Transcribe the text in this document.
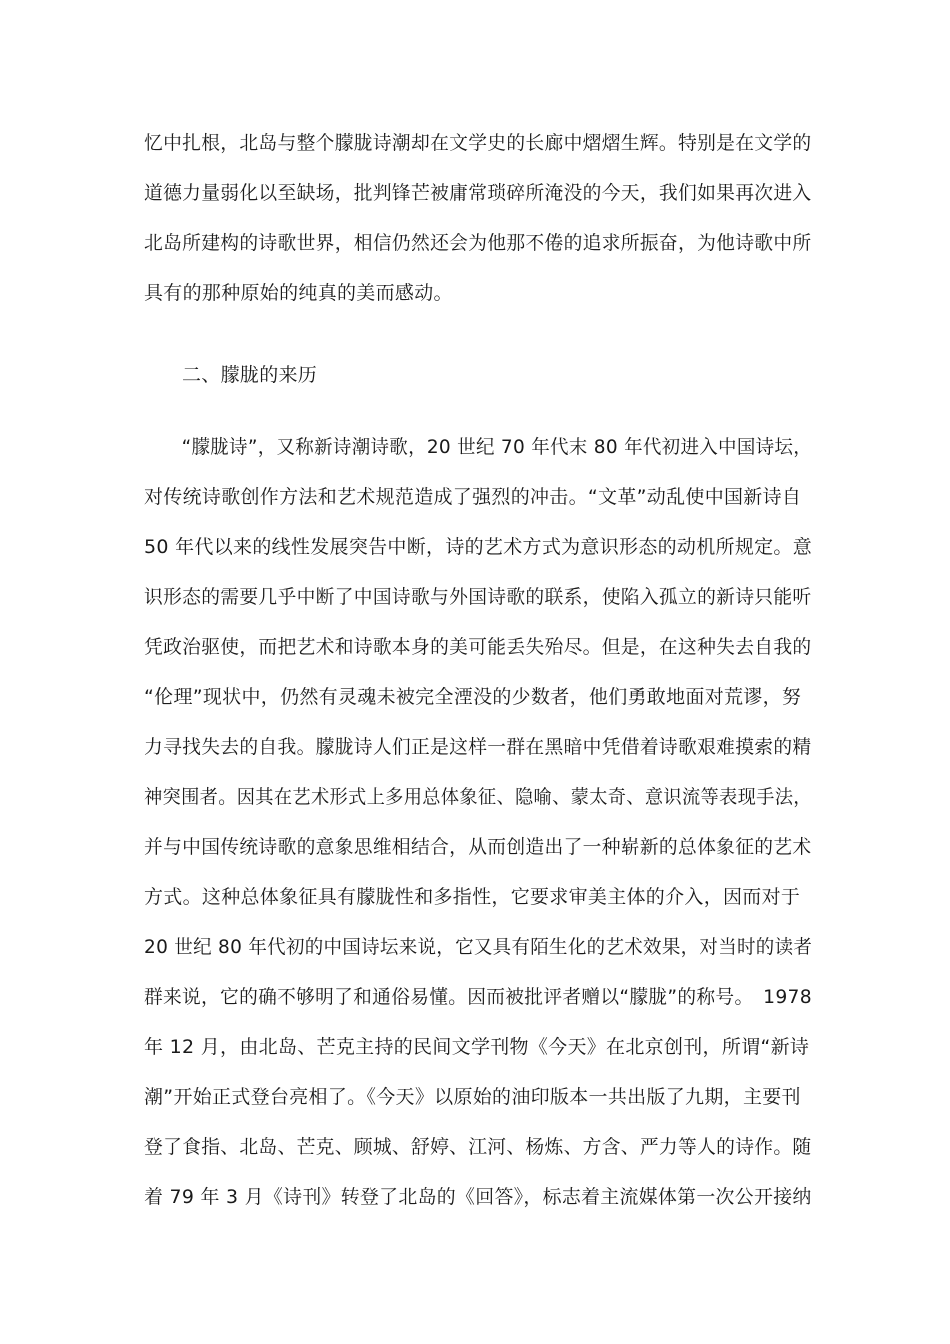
忆中扎根，北岛与整个朦胧诗潮却在文学史的长廊中熠熠生辉。特别是在文学的
道德力量弱化以至缺场，批判锋芒被庸常琐碎所淹没的今天，我们如果再次进入
北岛所建构的诗歌世界，相信仍然还会为他那不倦的追求所振奋，为他诗歌中所
具有的那种原始的纯真的美而感动。
二、朦胧的来历
　　“朦胧诗”，又称新诗潮诗歌，20 世纪 70 年代末 80 年代初进入中国诗坛，
对传统诗歌创作方法和艺术规范造成了强烈的冲击。“文革”动乱使中国新诗自
50 年代以来的线性发展突告中断，诗的艺术方式为意识形态的动机所规定。意
识形态的需要几乎中断了中国诗歌与外国诗歌的联系，使陷入孤立的新诗只能听
凭政治驱使，而把艺术和诗歌本身的美可能丢失殆尽。但是，在这种失去自我的
“伦理”现状中，仍然有灵魂未被完全湮没的少数者，他们勇敢地面对荒谬，努
力寻找失去的自我。朦胧诗人们正是这样一群在黑暗中凭借着诗歌艰难摸索的精
神突围者。因其在艺术形式上多用总体象征、隐喻、蒙太奇、意识流等表现手法，
并与中国传统诗歌的意象思维相结合，从而创造出了一种崭新的总体象征的艺术
方式。这种总体象征具有朦胧性和多指性，它要求审美主体的介入，因而对于
20 世纪 80 年代初的中国诗坛来说，它又具有陌生化的艺术效果，对当时的读者
群来说，它的确不够明了和通俗易懂。因而被批评者赠以“朦胧”的称号。　1978
年 12 月，由北岛、芒克主持的民间文学刊物《今天》在北京创刊，所谓“新诗
潮”开始正式登台亮相了。《今天》以原始的油印版本一共出版了九期，主要刊
登了食指、北岛、芒克、顾城、舒婷、江河、杨炼、方含、严力等人的诗作。随
着 79 年 3 月《诗刊》转登了北岛的《回答》，标志着主流媒体第一次公开接纳
